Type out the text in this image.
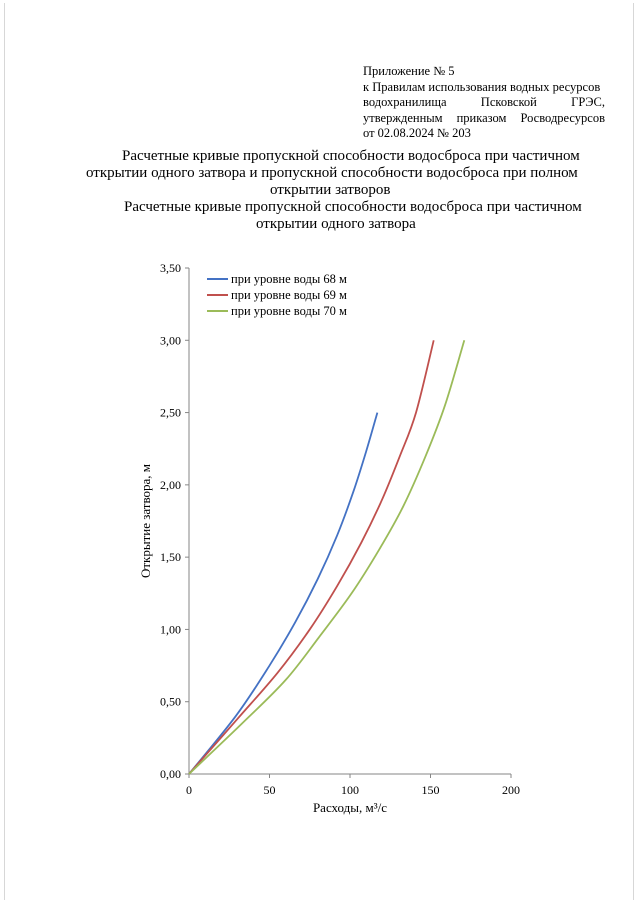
Приложение № 5
к Правилам использования водных ресурсов
водохранилища Псковской ГРЭС,
утвержденным приказом Росводресурсов
от 02.08.2024 № 203
Расчетные кривые пропускной способности водосброса при частичном
открытии одного затвора и пропускной способности водосброса при полном
открытии затворов
Расчетные кривые пропускной способности водосброса при частичном
открытии одного затвора
0,00
0,50
1,00
1,50
2,00
2,50
3,00
3,50
0	50	100	150	200
при уровне воды 68 м
при уровне воды 69 м
при уровне воды 70 м
Расходы, м³/с
Открытие затвора, м
